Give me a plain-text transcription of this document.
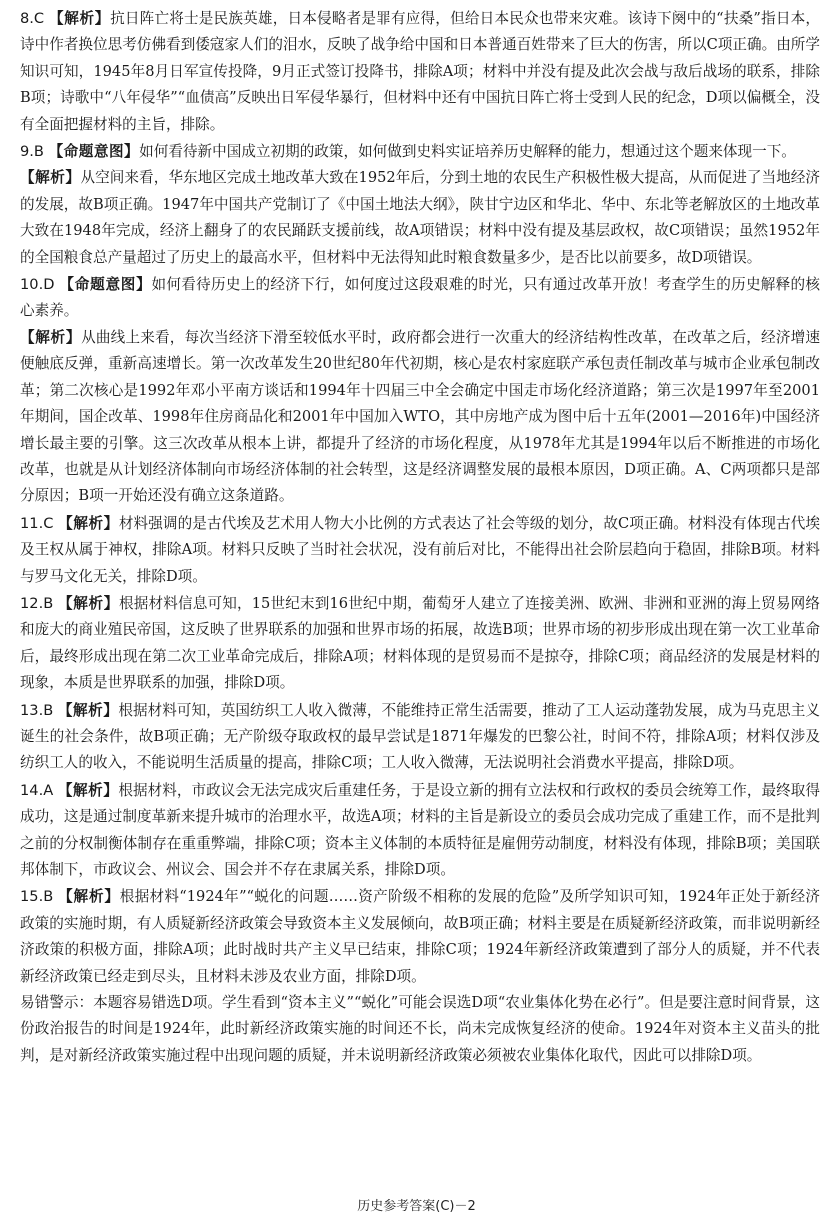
8.C 【解析】抗日阵亡将士是民族英雄，日本侵略者是罪有应得，但给日本民众也带来灾难。该诗下阕中的“扶桑”指日本，诗中作者换位思考仿佛看到倭寇家人们的泪水，反映了战争给中国和日本普通百姓带来了巨大的伤害，所以C项正确。由所学知识可知，1945年8月日军宣传投降，9月正式签订投降书，排除A项；材料中并没有提及此次会战与敌后战场的联系，排除B项；诗歌中“八年侵华”“血债高”反映出日军侵华暴行，但材料中还有中国抗日阵亡将士受到人民的纪念，D项以偏概全，没有全面把握材料的主旨，排除。

9.B 【命题意图】如何看待新中国成立初期的政策，如何做到史料实证培养历史解释的能力，想通过这个题来体现一下。
【解析】从空间来看，华东地区完成土地改革大致在1952年后，分到土地的农民生产积极性极大提高，从而促进了当地经济的发展，故B项正确。1947年中国共产党制订了《中国土地法大纲》，陕甘宁边区和华北、华中、东北等老解放区的土地改革大致在1948年完成，经济上翻身了的农民踊跃支援前线，故A项错误；材料中没有提及基层政权，故C项错误；虽然1952年的全国粮食总产量超过了历史上的最高水平，但材料中无法得知此时粮食数量多少，是否比以前要多，故D项错误。

10.D 【命题意图】如何看待历史上的经济下行，如何度过这段艰难的时光，只有通过改革开放！考查学生的历史解释的核心素养。
【解析】从曲线上来看，每次当经济下滑至较低水平时，政府都会进行一次重大的经济结构性改革，在改革之后，经济增速便触底反弹，重新高速增长。第一次改革发生20世纪80年代初期，核心是农村家庭联产承包责任制改革与城市企业承包制改革；第二次核心是1992年邓小平南方谈话和1994年十四届三中全会确定中国走市场化经济道路；第三次是1997年至2001年期间，国企改革、1998年住房商品化和2001年中国加入WTO，其中房地产成为图中后十五年(2001—2016年)中国经济增长最主要的引擎。这三次改革从根本上讲，都提升了经济的市场化程度，从1978年尤其是1994年以后不断推进的市场化改革，也就是从计划经济体制向市场经济体制的社会转型，这是经济调整发展的最根本原因，D项正确。A、C两项都只是部分原因；B项一开始还没有确立这条道路。

11.C 【解析】材料强调的是古代埃及艺术用人物大小比例的方式表达了社会等级的划分，故C项正确。材料没有体现古代埃及王权从属于神权，排除A项。材料只反映了当时社会状况，没有前后对比，不能得出社会阶层趋向于稳固，排除B项。材料与罗马文化无关，排除D项。

12.B 【解析】根据材料信息可知，15世纪末到16世纪中期，葡萄牙人建立了连接美洲、欧洲、非洲和亚洲的海上贸易网络和庞大的商业殖民帝国，这反映了世界联系的加强和世界市场的拓展，故选B项；世界市场的初步形成出现在第一次工业革命后，最终形成出现在第二次工业革命完成后，排除A项；材料体现的是贸易而不是掠夺，排除C项；商品经济的发展是材料的现象，本质是世界联系的加强，排除D项。

13.B 【解析】根据材料可知，英国纺织工人收入微薄，不能维持正常生活需要，推动了工人运动蓬勃发展，成为马克思主义诞生的社会条件，故B项正确；无产阶级夺取政权的最早尝试是1871年爆发的巴黎公社，时间不符，排除A项；材料仅涉及纺织工人的收入，不能说明生活质量的提高，排除C项；工人收入微薄，无法说明社会消费水平提高，排除D项。

14.A 【解析】根据材料，市政议会无法完成灾后重建任务，于是设立新的拥有立法权和行政权的委员会统筹工作，最终取得成功，这是通过制度革新来提升城市的治理水平，故选A项；材料的主旨是新设立的委员会成功完成了重建工作，而不是批判之前的分权制衡体制存在重重弊端，排除C项；资本主义体制的本质特征是雇佣劳动制度，材料没有体现，排除B项；美国联邦体制下，市政议会、州议会、国会并不存在隶属关系，排除D项。

15.B 【解析】根据材料“1924年”“蜕化的问题……资产阶级不相称的发展的危险”及所学知识可知，1924年正处于新经济政策的实施时期，有人质疑新经济政策会导致资本主义发展倾向，故B项正确；材料主要是在质疑新经济政策，而非说明新经济政策的积极方面，排除A项；此时战时共产主义早已结束，排除C项；1924年新经济政策遭到了部分人的质疑，并不代表新经济政策已经走到尽头，且材料未涉及农业方面，排除D项。
易错警示：本题容易错选D项。学生看到“资本主义”“蜕化”可能会误选D项“农业集体化势在必行”。但是要注意时间背景，这份政治报告的时间是1924年，此时新经济政策实施的时间还不长，尚未完成恢复经济的使命。1924年对资本主义苗头的批判，是对新经济政策实施过程中出现问题的质疑，并未说明新经济政策必须被农业集体化取代，因此可以排除D项。

历史参考答案(C)－2
